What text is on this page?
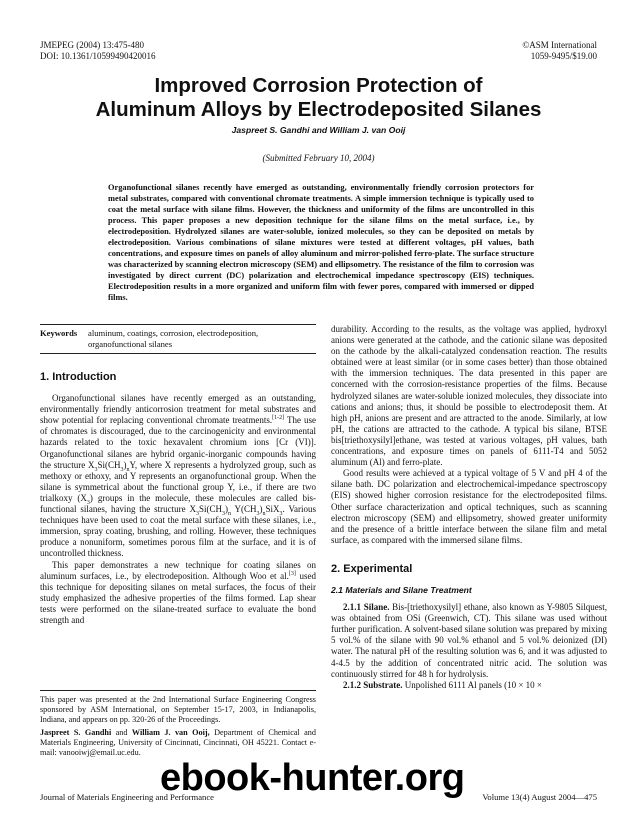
JMEPEG (2004) 13:475-480
DOI: 10.1361/10599490420016
©ASM International
1059-9495/$19.00
Improved Corrosion Protection of
Aluminum Alloys by Electrodeposited Silanes
Jaspreet S. Gandhi and William J. van Ooij
(Submitted February 10, 2004)

Organofunctional silanes recently have emerged as outstanding, environmentally friendly corrosion protectors for metal substrates, compared with conventional chromate treatments. A simple immersion technique is typically used to coat the metal surface with silane films. However, the thickness and uniformity of the films are uncontrolled in this process. This paper proposes a new deposition technique for the silane films on the metal surface, i.e., by electrodeposition. Hydrolyzed silanes are water-soluble, ionized molecules, so they can be deposited on metals by electrodeposition. Various combinations of silane mixtures were tested at different voltages, pH values, bath concentrations, and exposure times on panels of alloy aluminum and mirror-polished ferro-plate. The surface structure was characterized by scanning electron microscopy (SEM) and ellipsometry. The resistance of the film to corrosion was investigated by direct current (DC) polarization and electrochemical impedance spectroscopy (EIS) techniques. Electrodeposition results in a more organized and uniform film with fewer pores, compared with immersed or dipped films.

Keywords	aluminum, coatings, corrosion, electrodeposition, organofunctional silanes
1. Introduction

Organofunctional silanes have recently emerged as an outstanding, environmentally friendly anticorrosion treatment for metal substrates and show potential for replacing conventional chromate treatments.[1-2] The use of chromates is discouraged, due to the carcinogenicity and environmental hazards related to the toxic hexavalent chromium ions [Cr (VI)]. Organofunctional silanes are hybrid organic-inorganic compounds having the structure $X_3Si(CH_3)_nY$, where X represents a hydrolyzed group, such as methoxy or ethoxy, and Y represents an organofunctional group. When the silane is symmetrical about the functional group Y, i.e., if there are two trialkoxy $(X_3)$ groups in the molecule, these molecules are called bis-functional silanes, having the structure $X_3Si(CH_3)_n$ $Y(CH_3)_nSiX_3$. Various techniques have been used to coat the metal surface with these silanes, i.e., immersion, spray coating, brushing, and rolling. However, these techniques produce a nonuniform, sometimes porous film at the surface, and it is of uncontrolled thickness.

This paper demonstrates a new technique for coating silanes on aluminum surfaces, i.e., by electrodeposition. Although Woo et al.[3] used this technique for depositing silanes on metal surfaces, the focus of their study emphasized the adhesive properties of the films formed. Lap shear tests were performed on the silane-treated surface to evaluate the bond strength and

This paper was presented at the 2nd International Surface Engineering Congress sponsored by ASM International, on September 15-17, 2003, in Indianapolis, Indiana, and appears on pp. 320-26 of the Proceedings.

Jaspreet S. Gandhi and William J. van Ooij, Department of Chemical and Materials Engineering, University of Cincinnati, Cincinnati, OH 45221. Contact e-mail: vanooiwj@email.uc.edu.

durability. According to the results, as the voltage was applied, hydroxyl anions were generated at the cathode, and the cationic silane was deposited on the cathode by the alkali-catalyzed condensation reaction. The results obtained were at least similar (or in some cases better) than those obtained with the immersion techniques. The data presented in this paper are concerned with the corrosion-resistance properties of the films. Because hydrolyzed silanes are water-soluble ionized molecules, they dissociate into cations and anions; thus, it should be possible to electrodeposit them. At high pH, anions are present and are attracted to the anode. Similarly, at low pH, the cations are attracted to the cathode. A typical bis silane, BTSE bis[triethoxysilyl]ethane, was tested at various voltages, pH values, bath concentrations, and exposure times on panels of 6111-T4 and 5052 aluminum (Al) and ferro-plate.

Good results were achieved at a typical voltage of 5 V and pH 4 of the silane bath. DC polarization and electrochemical-impedance spectroscopy (EIS) showed higher corrosion resistance for the electrodeposited films. Other surface characterization and optical techniques, such as scanning electron microscopy (SEM) and ellipsometry, showed greater uniformity and the presence of a brittle interface between the silane film and metal surface, as compared with the immersed silane films.

2. Experimental
2.1 Materials and Silane Treatment

2.1.1 Silane. Bis-[triethoxysilyl] ethane, also known as Y-9805 Silquest, was obtained from OSi (Greenwich, CT). This silane was used without further purification. A solvent-based silane solution was prepared by mixing 5 vol.% of the silane with 90 vol.% ethanol and 5 vol.% deionized (DI) water. The natural pH of the resulting solution was 6, and it was adjusted to 4-4.5 by the addition of concentrated nitric acid. The solution was continuously stirred for 48 h for hydrolysis.

2.1.2 Substrate. Unpolished 6111 Al panels (10 × 10 ×

Journal of Materials Engineering and Performance	Volume 13(4) August 2004—475
ebook-hunter.org
